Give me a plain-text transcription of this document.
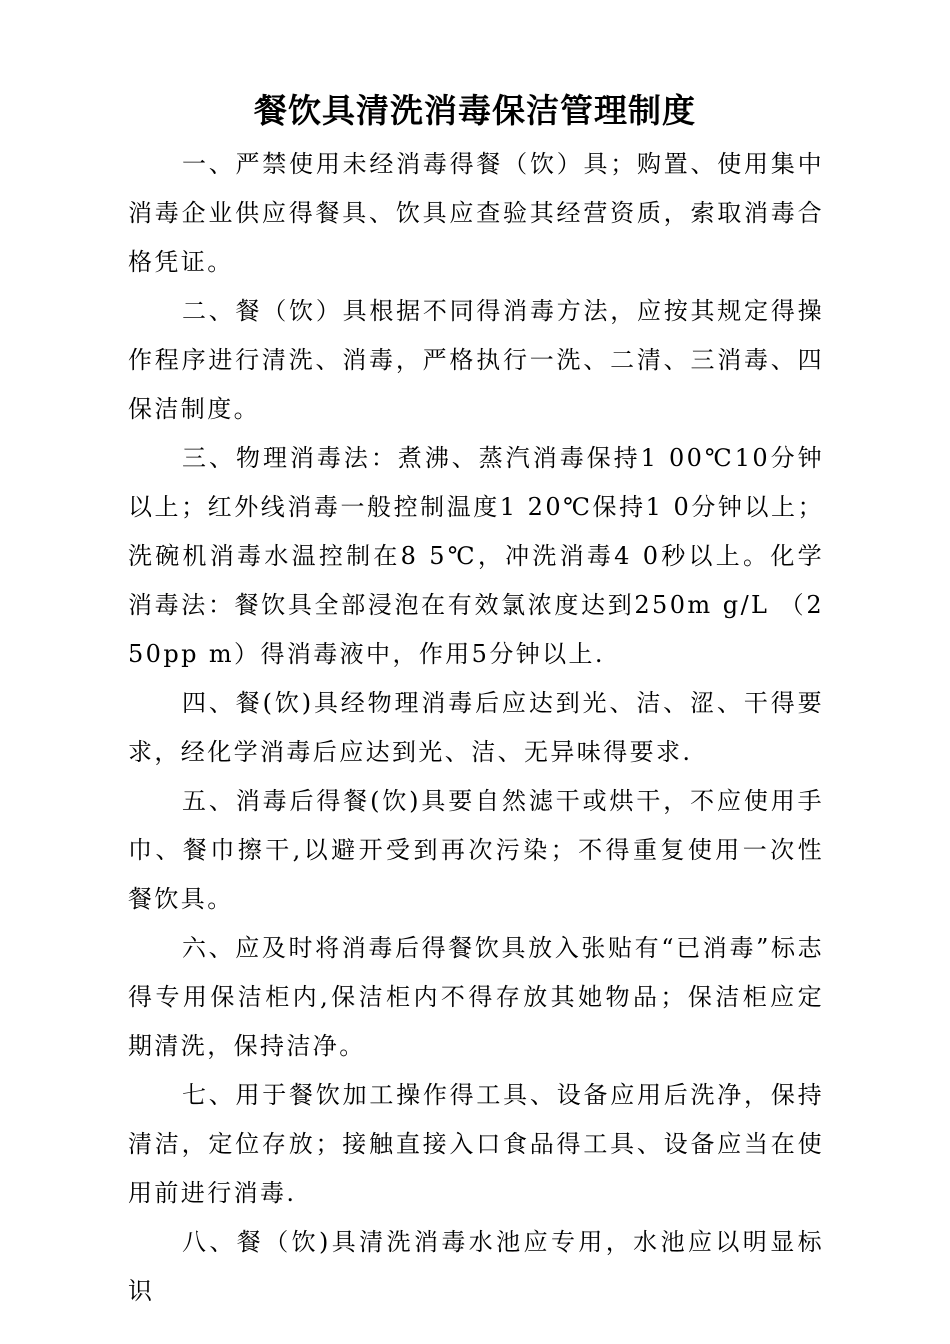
餐饮具清洗消毒保洁管理制度

一、严禁使用未经消毒得餐（饮）具；购置、使用集中消毒企业供应得餐具、饮具应查验其经营资质，索取消毒合格凭证。

二、餐（饮）具根据不同得消毒方法，应按其规定得操作程序进行清洗、消毒，严格执行一洗、二清、三消毒、四保洁制度。

三、物理消毒法：煮沸、蒸汽消毒保持1 00℃10分钟以上；红外线消毒一般控制温度1 20℃保持1 0分钟以上；洗碗机消毒水温控制在8 5℃，冲洗消毒4 0秒以上。化学消毒法：餐饮具全部浸泡在有效氯浓度达到250m g/L （2 50pp m）得消毒液中，作用5分钟以上.

四、餐(饮)具经物理消毒后应达到光、洁、涩、干得要求，经化学消毒后应达到光、洁、无异味得要求.

五、消毒后得餐(饮)具要自然滤干或烘干，不应使用手巾、餐巾擦干,以避开受到再次污染；不得重复使用一次性餐饮具。

六、应及时将消毒后得餐饮具放入张贴有“已消毒”标志得专用保洁柜内,保洁柜内不得存放其她物品；保洁柜应定期清洗，保持洁净。

七、用于餐饮加工操作得工具、设备应用后洗净，保持清洁，定位存放；接触直接入口食品得工具、设备应当在使用前进行消毒.

八、餐（饮)具清洗消毒水池应专用，水池应以明显标识
